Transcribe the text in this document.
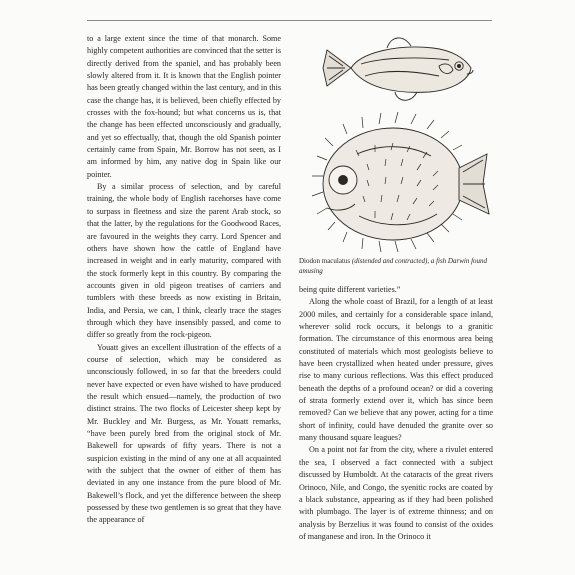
to a large extent since the time of that monarch. Some highly competent authorities are convinced that the setter is directly derived from the spaniel, and has probably been slowly altered from it. It is known that the English pointer has been greatly changed within the last century, and in this case the change has, it is believed, been chiefly effected by crosses with the fox-hound; but what concerns us is, that the change has been effected unconsciously and gradually, and yet so effectually, that, though the old Spanish pointer certainly came from Spain, Mr. Borrow has not seen, as I am informed by him, any native dog in Spain like our pointer.

By a similar process of selection, and by careful training, the whole body of English racehorses have come to surpass in fleetness and size the parent Arab stock, so that the latter, by the regulations for the Goodwood Races, are favoured in the weights they carry. Lord Spencer and others have shown how the cattle of England have increased in weight and in early maturity, compared with the stock formerly kept in this country. By comparing the accounts given in old pigeon treatises of carriers and tumblers with these breeds as now existing in Britain, India, and Persia, we can, I think, clearly trace the stages through which they have insensibly passed, and come to differ so greatly from the rock-pigeon.

Youatt gives an excellent illustration of the effects of a course of selection, which may be considered as unconsciously followed, in so far that the breeders could never have expected or even have wished to have produced the result which ensued—namely, the production of two distinct strains. The two flocks of Leicester sheep kept by Mr. Buckley and Mr. Burgess, as Mr. Youatt remarks, “have been purely bred from the original stock of Mr. Bakewell for upwards of fifty years. There is not a suspicion existing in the mind of any one at all acquainted with the subject that the owner of either of them has deviated in any one instance from the pure blood of Mr. Bakewell’s flock, and yet the difference between the sheep possessed by these two gentlemen is so great that they have the appearance of

Diodon maculatus (distended and contracted), a fish Darwin found amusing

being quite different varieties.”

Along the whole coast of Brazil, for a length of at least 2000 miles, and certainly for a considerable space inland, wherever solid rock occurs, it belongs to a granitic formation. The circumstance of this enormous area being constituted of materials which most geologists believe to have been crystallized when heated under pressure, gives rise to many curious reflections. Was this effect produced beneath the depths of a profound ocean? or did a covering of strata formerly extend over it, which has since been removed? Can we believe that any power, acting for a time short of infinity, could have denuded the granite over so many thousand square leagues?

On a point not far from the city, where a rivulet entered the sea, I observed a fact connected with a subject discussed by Humboldt. At the cataracts of the great rivers Orinoco, Nile, and Congo, the syenitic rocks are coated by a black substance, appearing as if they had been polished with plumbago. The layer is of extreme thinness; and on analysis by Berzelius it was found to consist of the oxides of manganese and iron. In the Orinoco it
